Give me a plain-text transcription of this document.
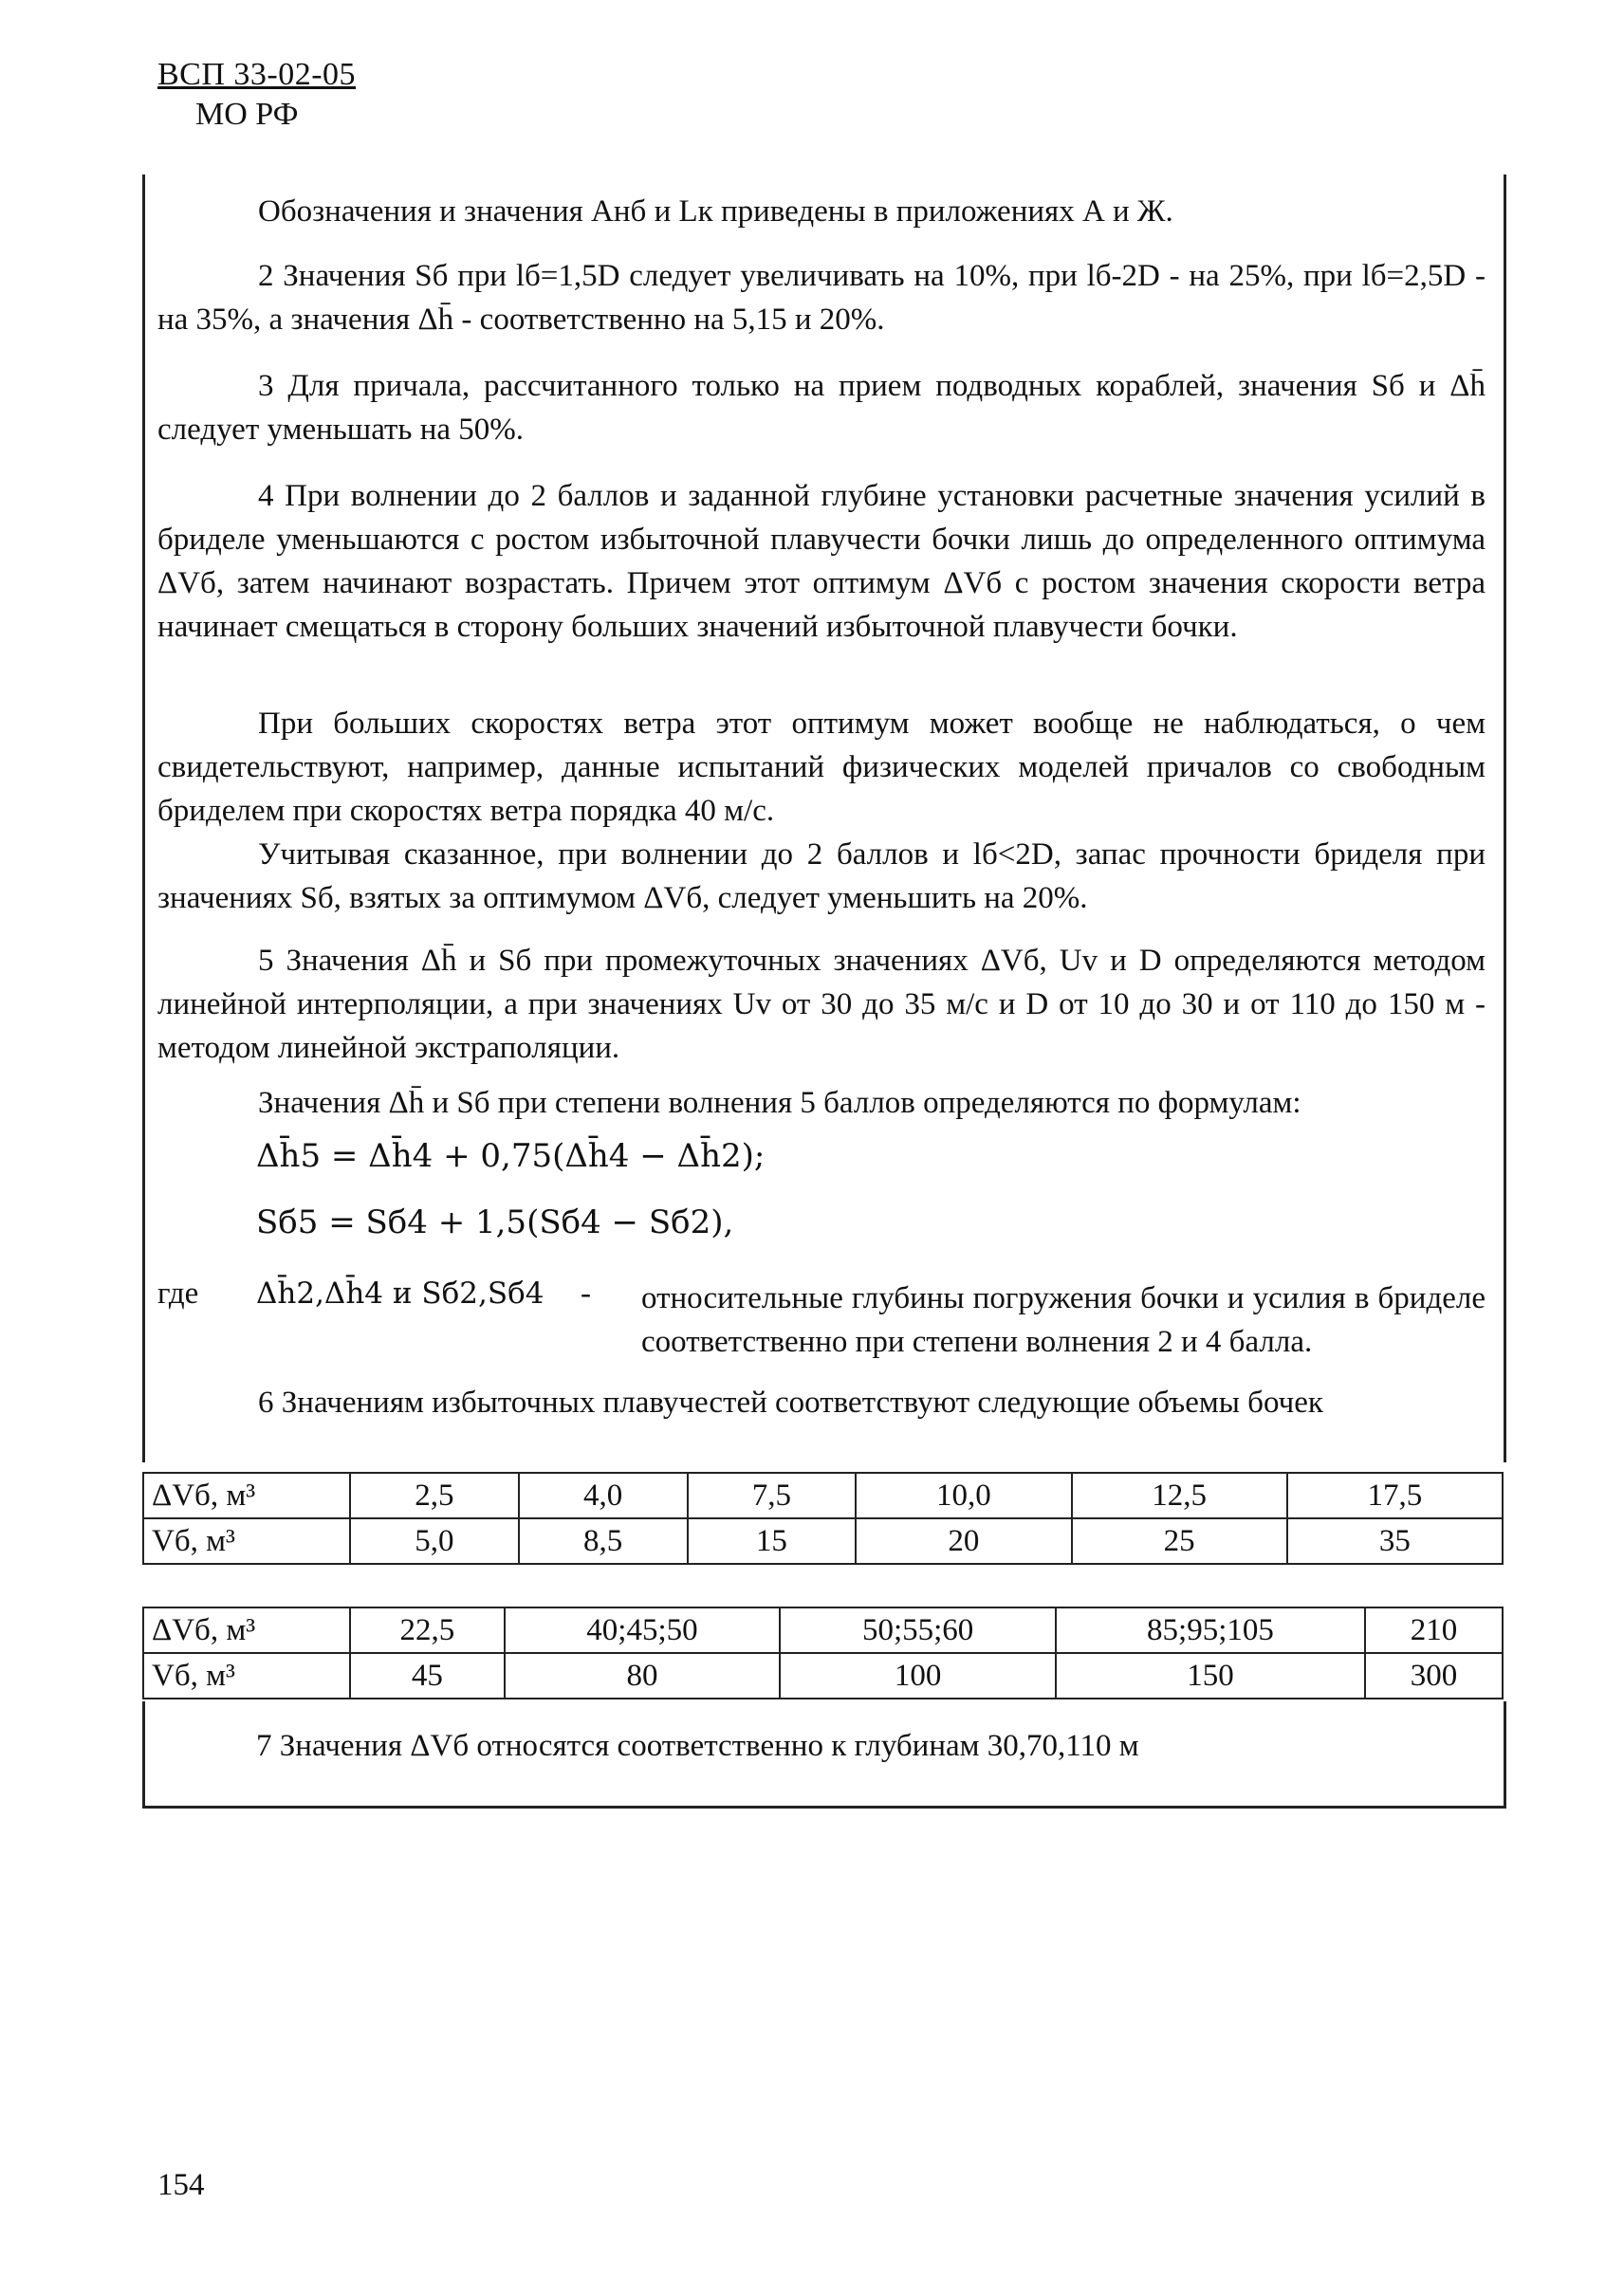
ВСП 33-02-05
МО РФ
Обозначения и значения Aнб и Lк приведены в приложениях А и Ж.
2 Значения Sб при lб=1,5D следует увеличивать на 10%, при lб-2D - на 25%, при lб=2,5D - на 35%, а значения Δh̄ - соответственно на 5,15 и 20%.
3 Для причала, рассчитанного только на прием подводных кораблей, значения Sб и Δh̄ следует уменьшать на 50%.
4 При волнении до 2 баллов и заданной глубине установки расчетные значения усилий в бриделе уменьшаются с ростом избыточной плавучести бочки лишь до определенного оптимума ΔVб, затем начинают возрастать. Причем этот оптимум ΔVб с ростом значения скорости ветра начинает смещаться в сторону больших значений избыточной плавучести бочки.
При больших скоростях ветра этот оптимум может вообще не наблюдаться, о чем свидетельствуют, например, данные испытаний физических моделей причалов со свободным бриделем при скоростях ветра порядка 40 м/с.
Учитывая сказанное, при волнении до 2 баллов и lб<2D, запас прочности бриделя при значениях Sб, взятых за оптимумом ΔVб, следует уменьшить на 20%.
5 Значения Δh̄ и Sб при промежуточных значениях ΔVб, Uv и D определяются методом линейной интерполяции, а при значениях Uv от 30 до 35 м/с и D от 10 до 30 и от 110 до 150 м - методом линейной экстраполяции.
Значения Δh̄ и Sб при степени волнения 5 баллов определяются по формулам:
Δh̄5 = Δh̄4 + 0,75(Δh̄4 − Δh̄2);
Sб5 = Sб4 + 1,5(Sб4 − Sб2),
где Δh̄2,Δh̄4 и Sб2,Sб4 - относительные глубины погружения бочки и усилия в бриделе соответственно при степени волнения 2 и 4 балла.
6 Значениям избыточных плавучестей соответствуют следующие объемы бочек
ΔVб, м³	2,5	4,0	7,5	10,0	12,5	17,5
Vб, м³	5,0	8,5	15	20	25	35
ΔVб, м³	22,5	40;45;50	50;55;60	85;95;105	210
Vб, м³	45	80	100	150	300
7 Значения ΔVб относятся соответственно к глубинам 30,70,110 м
154
